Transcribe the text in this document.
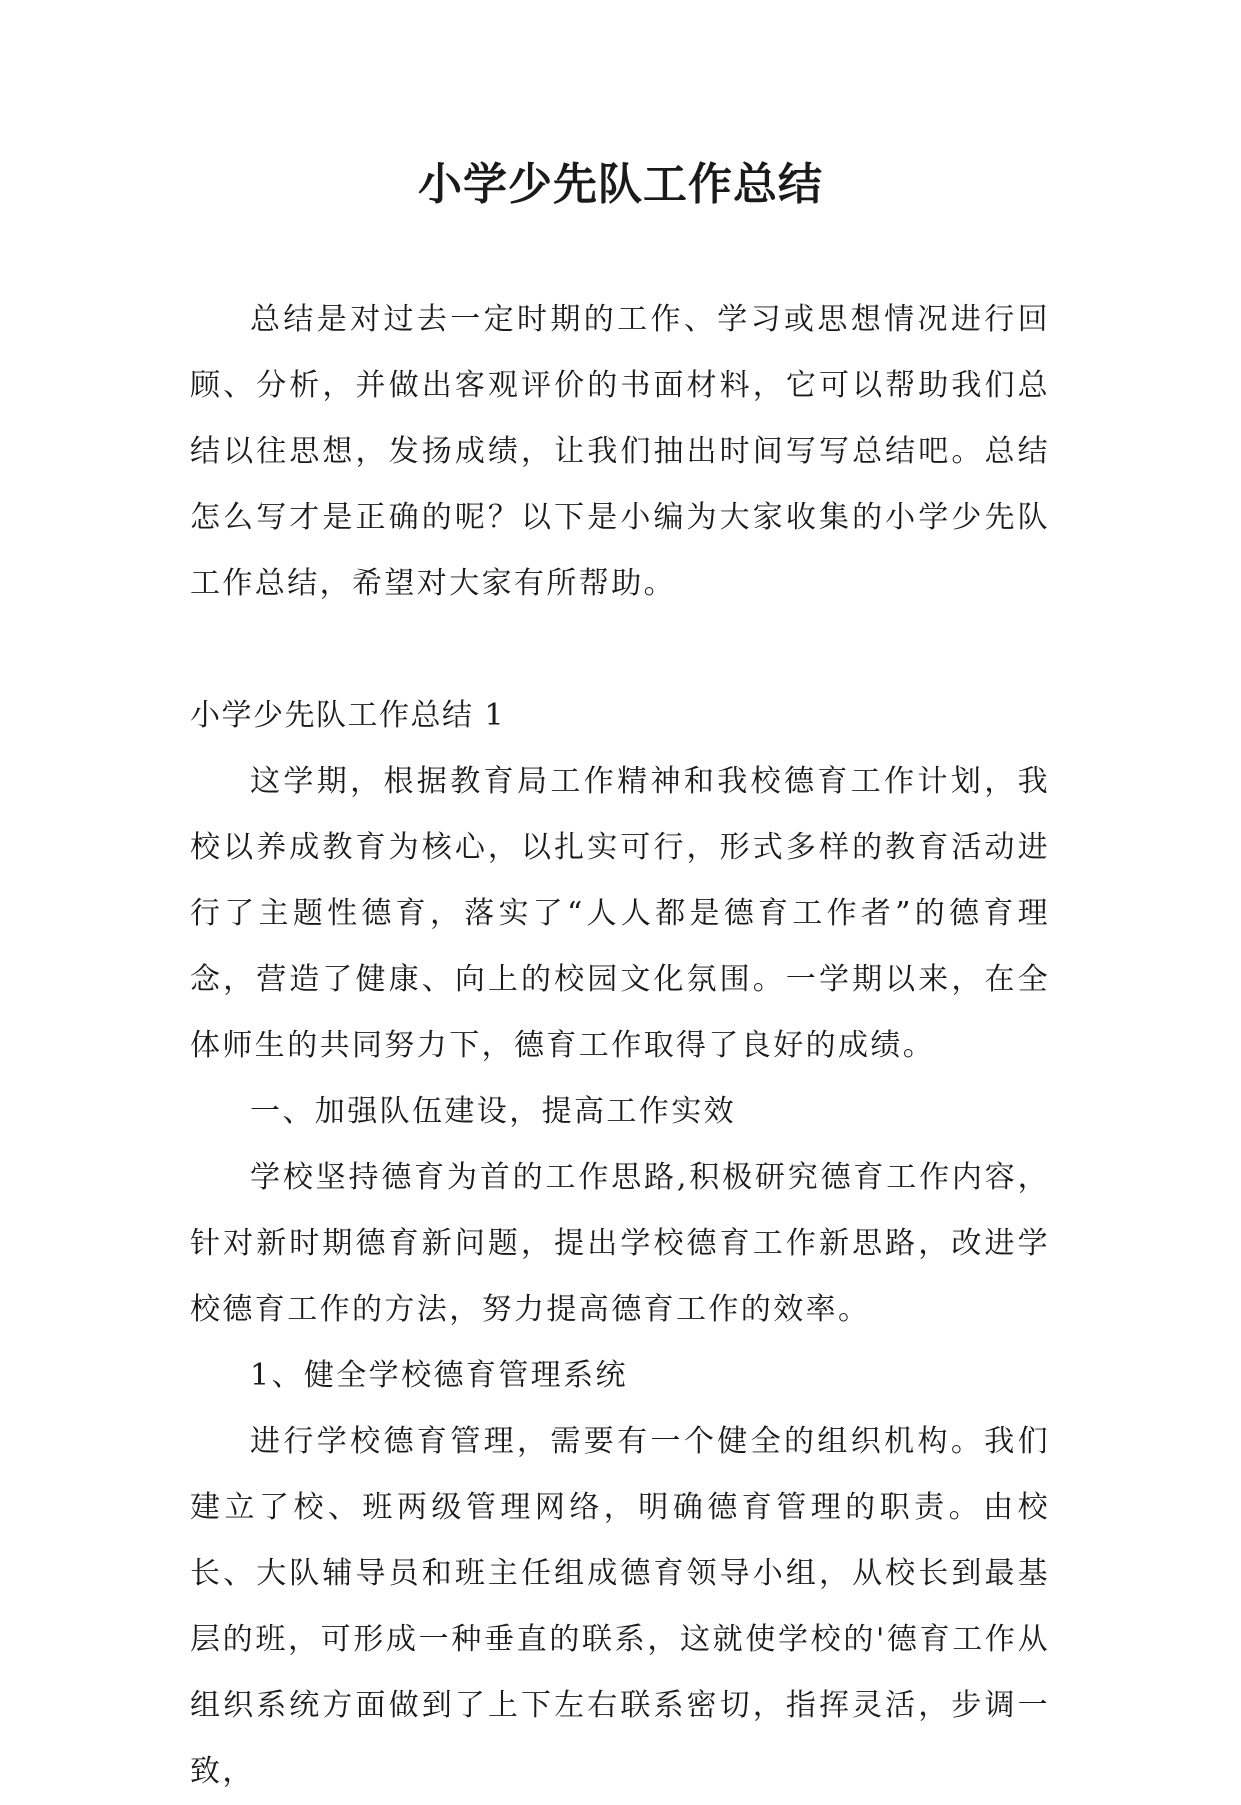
小学少先队工作总结

总结是对过去一定时期的工作、学习或思想情况进行回顾、分析，并做出客观评价的书面材料，它可以帮助我们总结以往思想，发扬成绩，让我们抽出时间写写总结吧。总结怎么写才是正确的呢？以下是小编为大家收集的小学少先队工作总结，希望对大家有所帮助。

小学少先队工作总结 1

这学期，根据教育局工作精神和我校德育工作计划，我校以养成教育为核心，以扎实可行，形式多样的教育活动进行了主题性德育，落实了“人人都是德育工作者”的德育理念，营造了健康、向上的校园文化氛围。一学期以来，在全体师生的共同努力下，德育工作取得了良好的成绩。

一、加强队伍建设，提高工作实效

学校坚持德育为首的工作思路,积极研究德育工作内容，针对新时期德育新问题，提出学校德育工作新思路，改进学校德育工作的方法，努力提高德育工作的效率。

1、健全学校德育管理系统

进行学校德育管理，需要有一个健全的组织机构。我们建立了校、班两级管理网络，明确德育管理的职责。由校长、大队辅导员和班主任组成德育领导小组，从校长到最基层的班，可形成一种垂直的联系，这就使学校的'德育工作从组织系统方面做到了上下左右联系密切，指挥灵活，步调一致，
